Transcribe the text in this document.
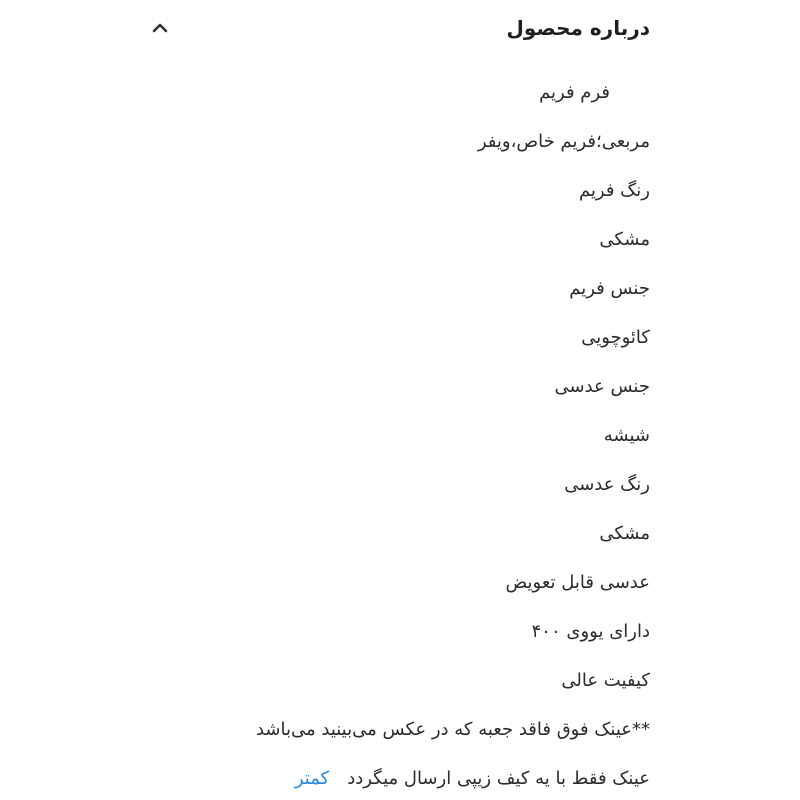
درباره محصول
فرم فریم
مربعی؛فریم خاص،ویفر
رنگ فریم
مشکی
جنس فریم
کائوچویی
جنس عدسی
شیشه
رنگ عدسی
مشکی
عدسی قابل تعویض
دارای یووی ۴۰۰
کیفیت عالی
**عینک فوق فاقد جعبه که در عکس می‌بینید می‌باشد
عینک فقط با یه کیف زیپی ارسال میگرددکمتر
